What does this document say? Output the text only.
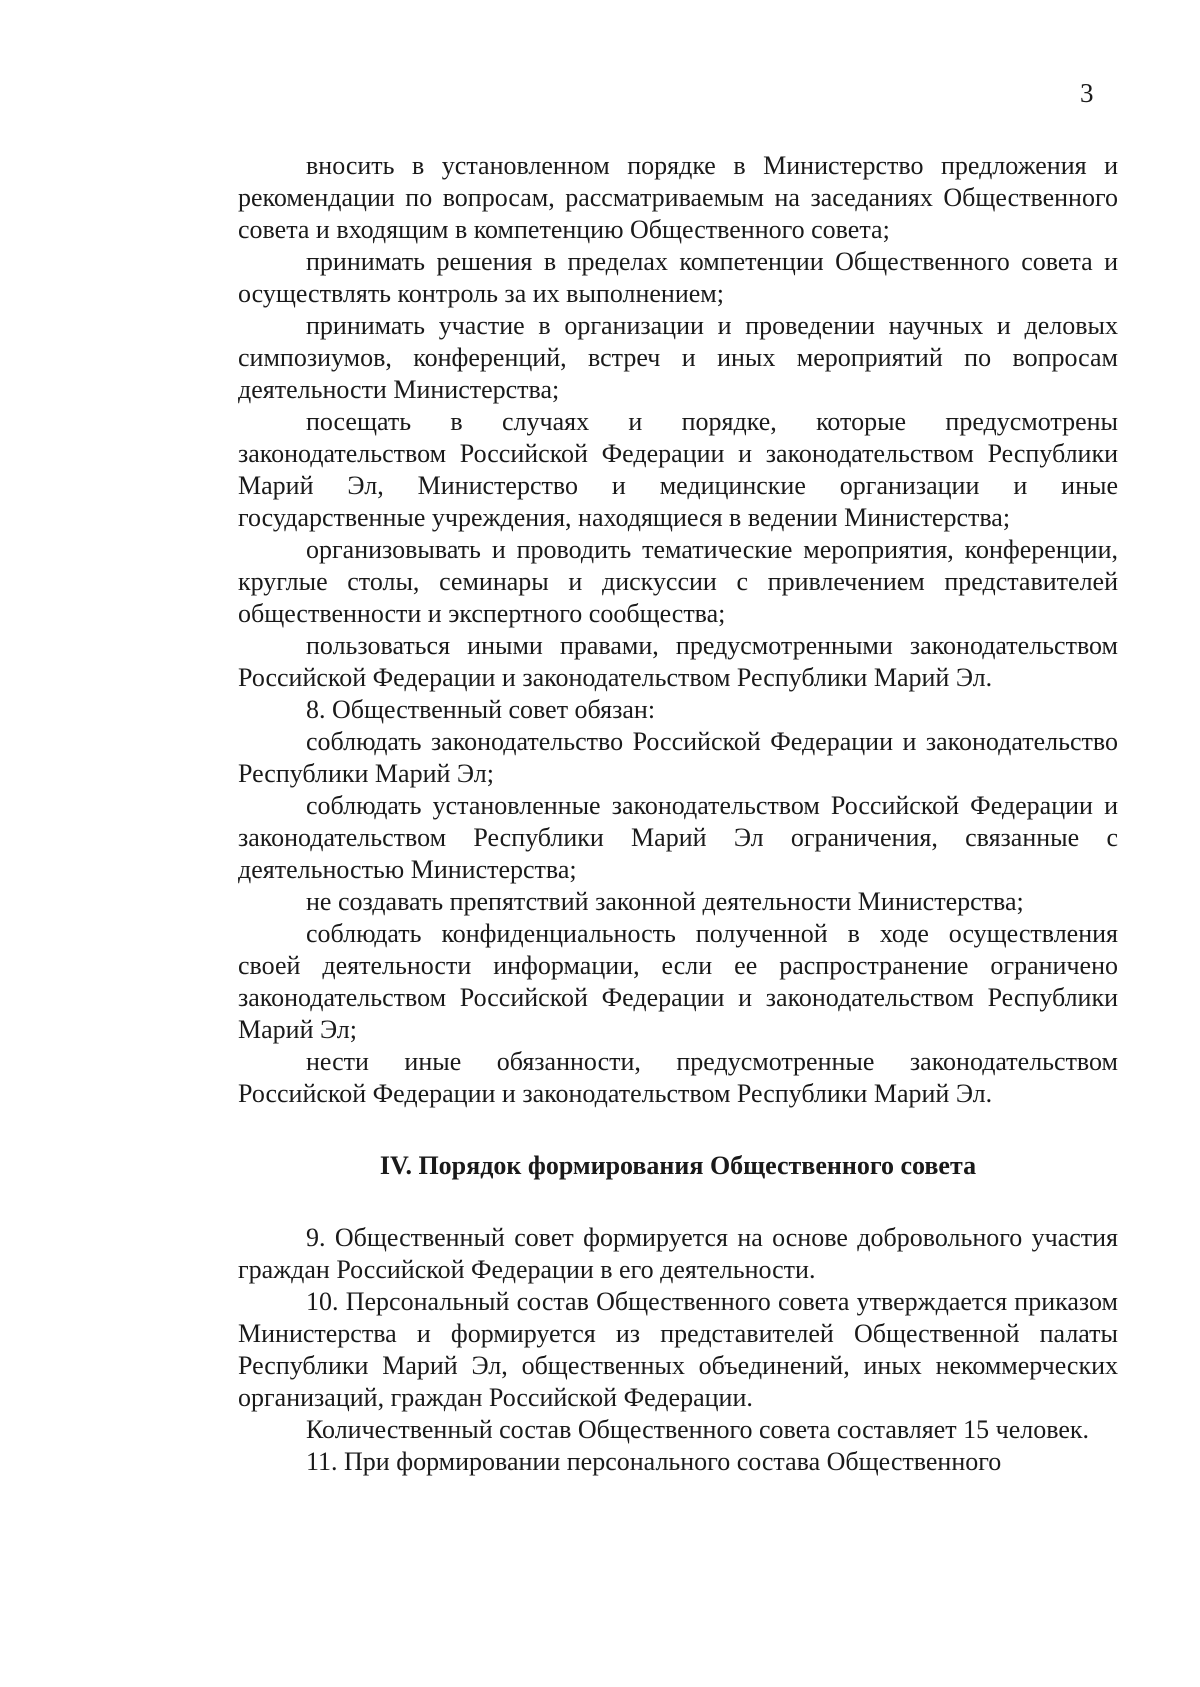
3

вносить в установленном порядке в Министерство предложения и рекомендации по вопросам, рассматриваемым на заседаниях Общественного совета и входящим в компетенцию Общественного совета;

принимать решения в пределах компетенции Общественного совета и осуществлять контроль за их выполнением;

принимать участие в организации и проведении научных и деловых симпозиумов, конференций, встреч и иных мероприятий по вопросам деятельности Министерства;

посещать в случаях и порядке, которые предусмотрены законодательством Российской Федерации и законодательством Республики Марий Эл, Министерство и медицинские организации и иные государственные учреждения, находящиеся в ведении Министерства;

организовывать и проводить тематические мероприятия, конференции, круглые столы, семинары и дискуссии с привлечением представителей общественности и экспертного сообщества;

пользоваться иными правами, предусмотренными законодательством Российской Федерации и законодательством Республики Марий Эл.

8. Общественный совет обязан:

соблюдать законодательство Российской Федерации и законодательство Республики Марий Эл;

соблюдать установленные законодательством Российской Федерации и законодательством Республики Марий Эл ограничения, связанные с деятельностью Министерства;

не создавать препятствий законной деятельности Министерства;

соблюдать конфиденциальность полученной в ходе осуществления своей деятельности информации, если ее распространение ограничено законодательством Российской Федерации и законодательством Республики Марий Эл;

нести иные обязанности, предусмотренные законодательством Российской Федерации и законодательством Республики Марий Эл.

IV. Порядок формирования Общественного совета

9. Общественный совет формируется на основе добровольного участия граждан Российской Федерации в его деятельности.

10. Персональный состав Общественного совета утверждается приказом Министерства и формируется из представителей Общественной палаты Республики Марий Эл, общественных объединений, иных некоммерческих организаций, граждан Российской Федерации.

Количественный состав Общественного совета составляет 15 человек.

11. При формировании персонального состава Общественного
